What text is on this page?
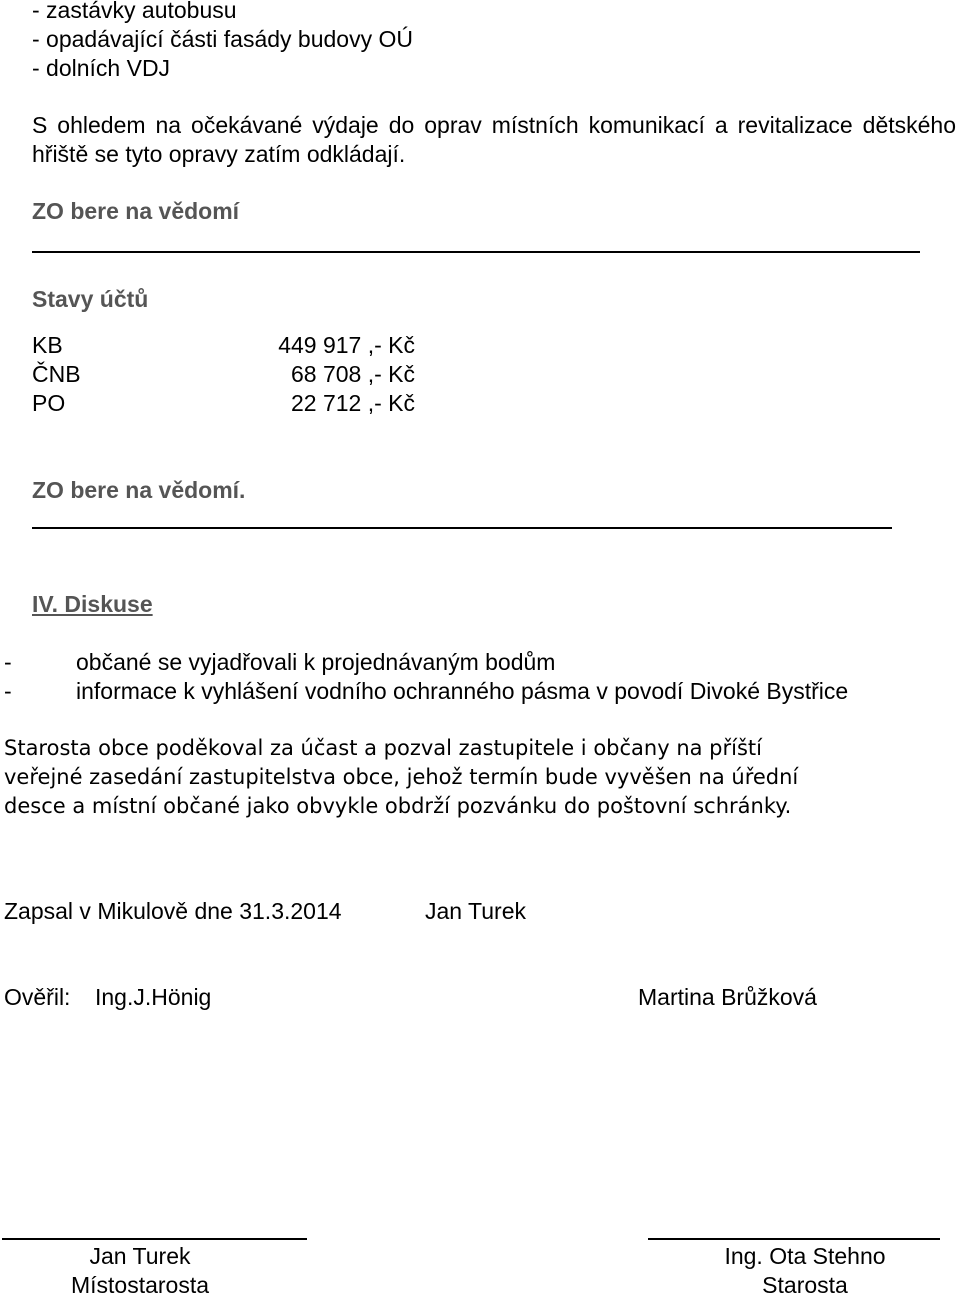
- zastávky autobusu
- opadávající části fasády budovy OÚ
- dolních VDJ
S ohledem na očekávané výdaje do oprav místních komunikací a revitalizace dětského hřiště se tyto opravy zatím odkládají.
ZO bere na vědomí
Stavy účtů
KB	449 917 ,- Kč
ČNB	68 708 ,- Kč
PO	22 712 ,- Kč
ZO bere na vědomí.
IV. Diskuse
-	občané se vyjadřovali k projednávaným bodům
-	informace k vyhlášení vodního ochranného pásma v povodí Divoké Bystřice
Starosta obce poděkoval za účast a pozval zastupitele i občany na příští
veřejné zasedání zastupitelstva obce, jehož termín bude vyvěšen na úřední
desce a místní občané jako obvykle obdrží pozvánku do poštovní schránky.
Zapsal v Mikulově dne 31.3.2014	Jan Turek
Ověřil: Ing.J.Hönig	Martina Brůžková
Jan Turek
Místostarosta
Ing. Ota Stehno
Starosta
